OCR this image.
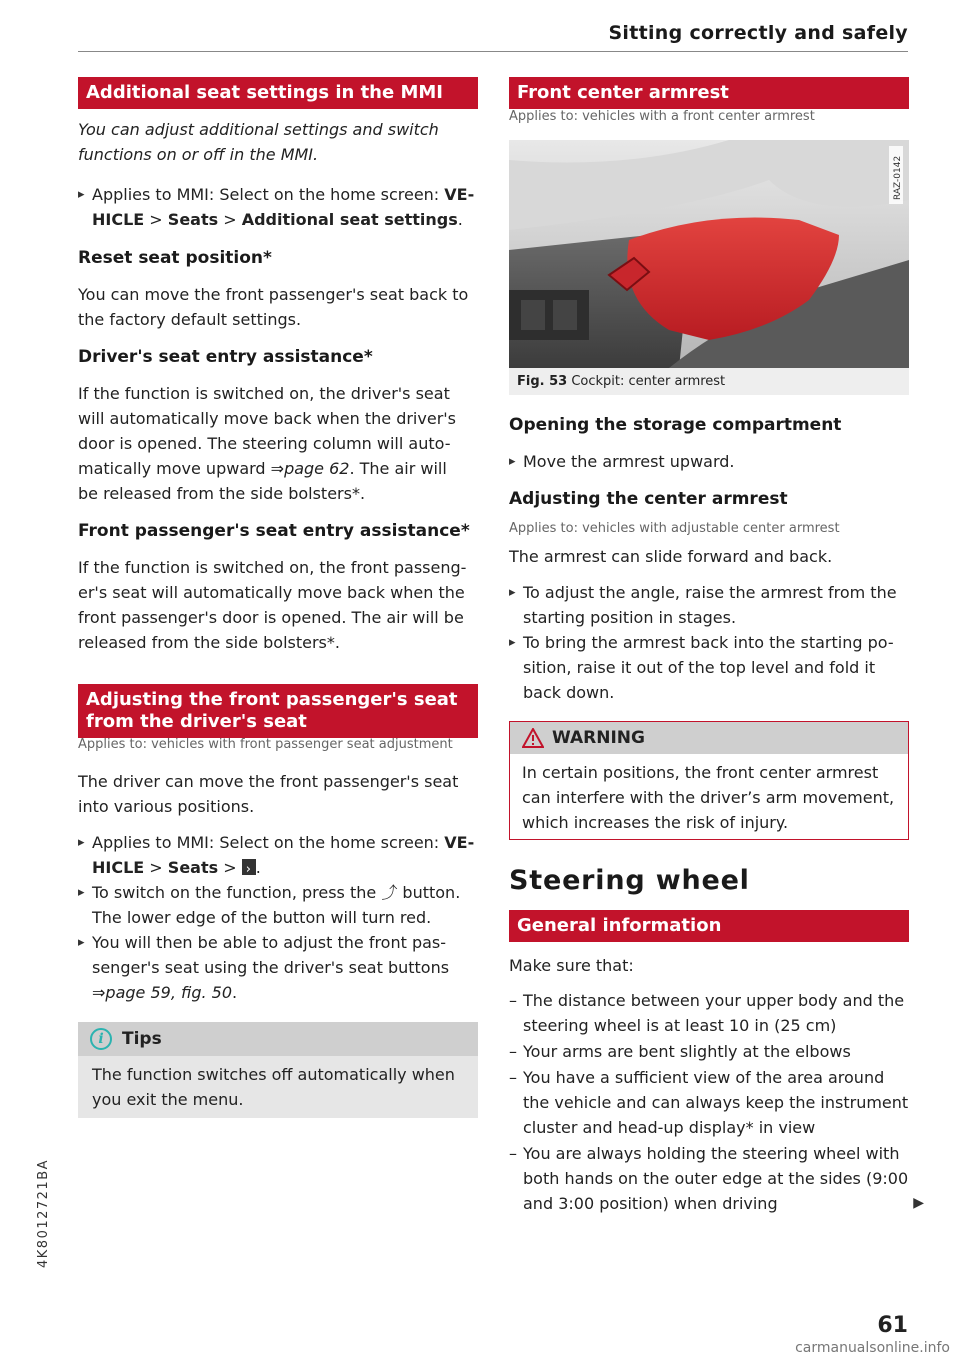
Sitting correctly and safely
Additional seat settings in the MMI

You can adjust additional settings and switch functions on or off in the MMI.

▸ Applies to MMI: Select on the home screen: VE-HICLE > Seats > Additional seat settings.
Reset seat position*

You can move the front passenger's seat back to the factory default settings.

Driver's seat entry assistance*

If the function is switched on, the driver's seat will automatically move back when the driver's door is opened. The steering column will auto-matically move upward ⇒page 62. The air will be released from the side bolsters*.

Front passenger's seat entry assistance*

If the function is switched on, the front passeng-er's seat will automatically move back when the front passenger's door is opened. The air will be released from the side bolsters*.

Adjusting the front passenger's seat from the driver's seat
Applies to: vehicles with front passenger seat adjustment

The driver can move the front passenger's seat into various positions.

▸ Applies to MMI: Select on the home screen: VE-HICLE > Seats > ›.
▸ To switch on the function, press the ⤴ button. The lower edge of the button will turn red.
▸ You will then be able to adjust the front pas-senger's seat using the driver's seat buttons ⇒page 59, fig. 50.
i	Tips

The function switches off automatically when you exit the menu.

Front center armrest
Applies to: vehicles with a front center armrest
RAZ-0142
Fig. 53 Cockpit: center armrest
Opening the storage compartment
▸ Move the armrest upward.
Adjusting the center armrest
Applies to: vehicles with adjustable center armrest

The armrest can slide forward and back.

▸ To adjust the angle, raise the armrest from the starting position in stages.
▸ To bring the armrest back into the starting po-sition, raise it out of the top level and fold it back down.
WARNING

In certain positions, the front center armrest can interfere with the driver’s arm movement, which increases the risk of injury.

Steering wheel
General information

Make sure that:

– The distance between your upper body and the steering wheel is at least 10 in (25 cm)
– Your arms are bent slightly at the elbows
– You have a sufficient view of the area around the vehicle and can always keep the instrument cluster and head-up display* in view
– You are always holding the steering wheel with both hands on the outer edge at the sides (9:00 and 3:00 position) when driving	▶
4K8012721BA
61
carmanualsonline.info
